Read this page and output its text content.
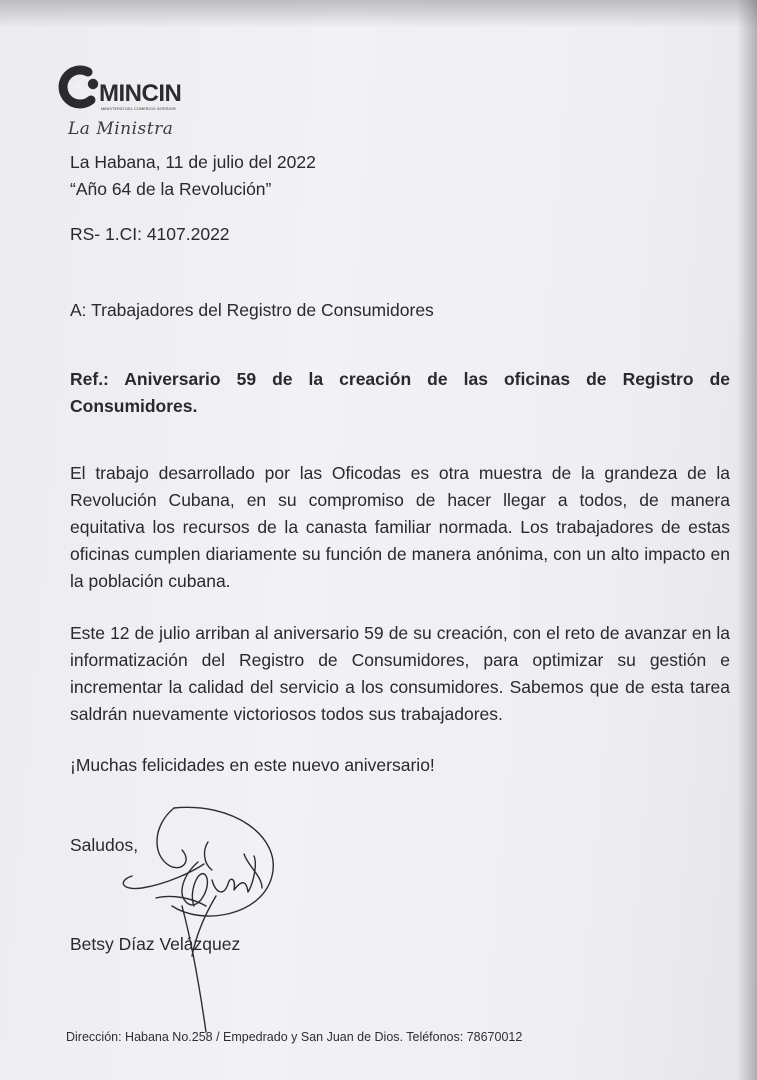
MINCIN
MINISTERIO DEL COMERCIO INTERIOR
La Ministra
La Habana, 11 de julio del 2022
“Año 64 de la Revolución”
RS- 1.CI: 4107.2022
A: Trabajadores del Registro de Consumidores
Ref.: Aniversario 59 de la creación de las oficinas de Registro de Consumidores.
El trabajo desarrollado por las Oficodas es otra muestra de la grandeza de la Revolución Cubana, en su compromiso de hacer llegar a todos, de manera equitativa los recursos de la canasta familiar normada. Los trabajadores de estas oficinas cumplen diariamente su función de manera anónima, con un alto impacto en la población cubana.
Este 12 de julio arriban al aniversario 59 de su creación, con el reto de avanzar en la informatización del Registro de Consumidores, para optimizar su gestión e incrementar la calidad del servicio a los consumidores. Sabemos que de esta tarea saldrán nuevamente victoriosos todos sus trabajadores.
¡Muchas felicidades en este nuevo aniversario!
Saludos,
Betsy Díaz Velázquez
Dirección: Habana No.258 / Empedrado y San Juan de Dios. Teléfonos: 78670012
